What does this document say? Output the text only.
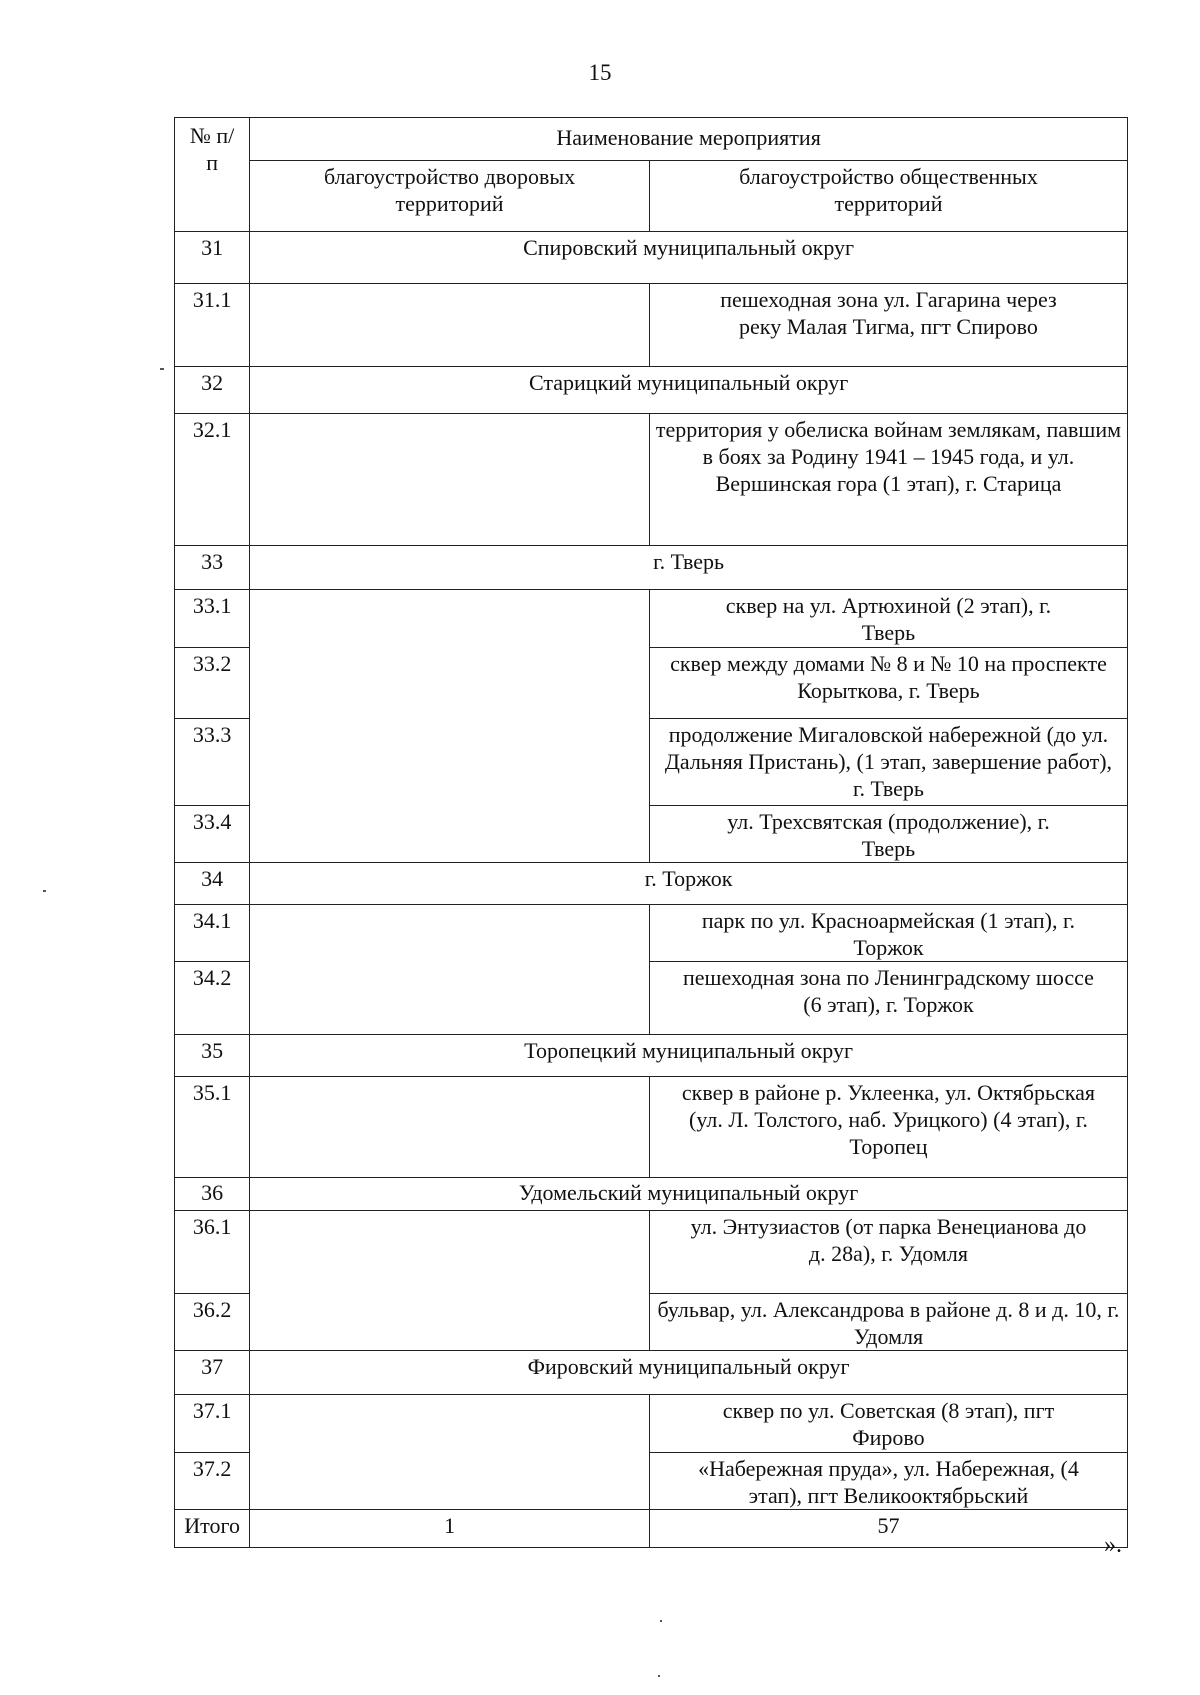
15
№ п/п	Наименование мероприятия	
	благоустройство дворовых территорий	благоустройство общественных территорий
31	Спировский муниципальный округ	
31.1		пешеходная зона ул. Гагарина через реку Малая Тигма, пгт Спирово
32	Старицкий муниципальный округ	
32.1		территория у обелиска войнам землякам, павшим в боях за Родину 1941 – 1945 года, и ул. Вершинская гора (1 этап), г. Старица
33	г. Тверь	
33.1		сквер на ул. Артюхиной (2 этап), г. Тверь
33.2		сквер между домами № 8 и № 10 на проспекте Корыткова, г. Тверь
33.3		продолжение Мигаловской набережной (до ул. Дальняя Пристань), (1 этап, завершение работ), г. Тверь
33.4		ул. Трехсвятская (продолжение), г. Тверь
34	г. Торжок	
34.1		парк по ул. Красноармейская (1 этап), г. Торжок
34.2		пешеходная зона по Ленинградскому шоссе (6 этап), г. Торжок
35	Торопецкий муниципальный округ	
35.1		сквер в районе р. Уклеенка, ул. Октябрьская (ул. Л. Толстого, наб. Урицкого) (4 этап), г. Торопец
36	Удомельский муниципальный округ	
36.1		ул. Энтузиастов (от парка Венецианова до д. 28а), г. Удомля
36.2		бульвар, ул. Александрова в районе д. 8 и д. 10, г. Удомля
37	Фировский муниципальный округ	
37.1		сквер по ул. Советская (8 этап), пгт Фирово
37.2		«Набережная пруда», ул. Набережная, (4 этап), пгт Великооктябрьский
Итого	1	57
».
